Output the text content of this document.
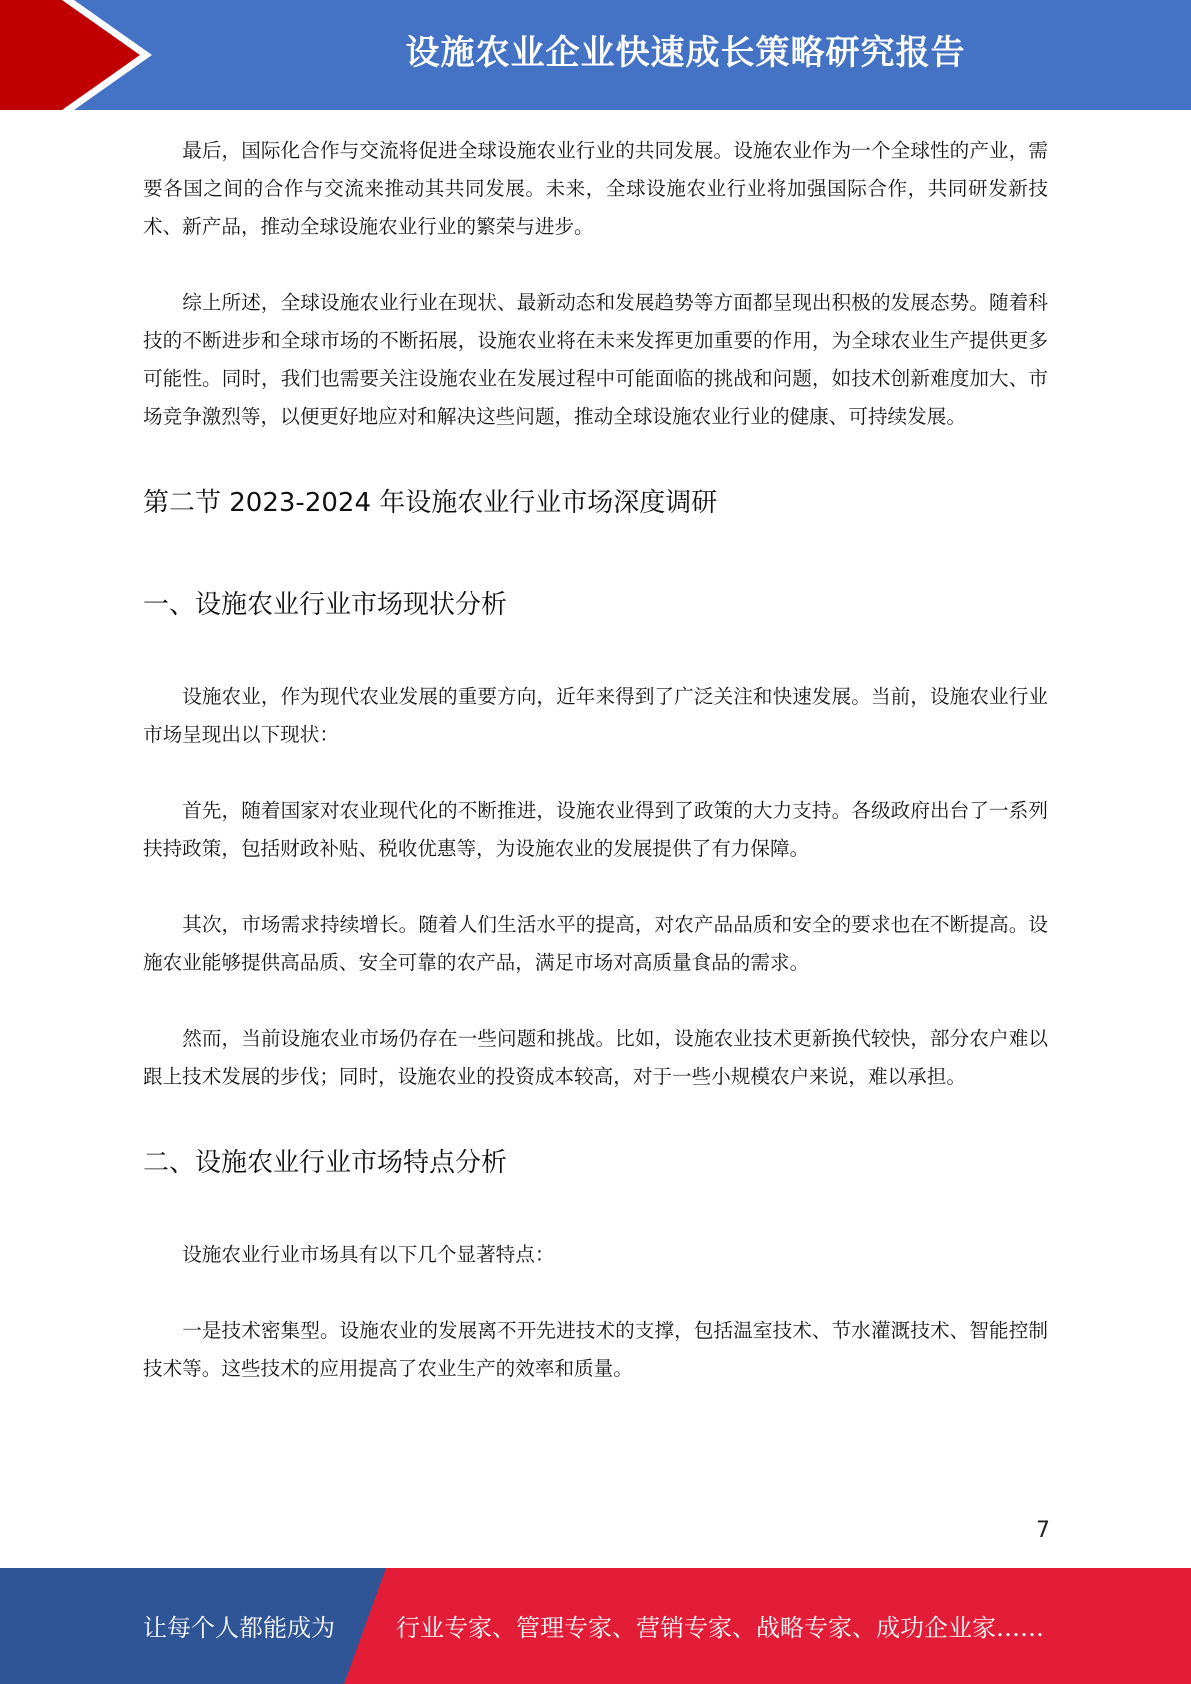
设施农业企业快速成长策略研究报告

最后，国际化合作与交流将促进全球设施农业行业的共同发展。设施农业作为一个全球性的产业，需要各国之间的合作与交流来推动其共同发展。未来，全球设施农业行业将加强国际合作，共同研发新技术、新产品，推动全球设施农业行业的繁荣与进步。

综上所述，全球设施农业行业在现状、最新动态和发展趋势等方面都呈现出积极的发展态势。随着科技的不断进步和全球市场的不断拓展，设施农业将在未来发挥更加重要的作用，为全球农业生产提供更多可能性。同时，我们也需要关注设施农业在发展过程中可能面临的挑战和问题，如技术创新难度加大、市场竞争激烈等，以便更好地应对和解决这些问题，推动全球设施农业行业的健康、可持续发展。

第二节 2023-2024 年设施农业行业市场深度调研
一、设施农业行业市场现状分析

设施农业，作为现代农业发展的重要方向，近年来得到了广泛关注和快速发展。当前，设施农业行业市场呈现出以下现状：

首先，随着国家对农业现代化的不断推进，设施农业得到了政策的大力支持。各级政府出台了一系列扶持政策，包括财政补贴、税收优惠等，为设施农业的发展提供了有力保障。

其次，市场需求持续增长。随着人们生活水平的提高，对农产品品质和安全的要求也在不断提高。设施农业能够提供高品质、安全可靠的农产品，满足市场对高质量食品的需求。

然而，当前设施农业市场仍存在一些问题和挑战。比如，设施农业技术更新换代较快，部分农户难以跟上技术发展的步伐；同时，设施农业的投资成本较高，对于一些小规模农户来说，难以承担。

二、设施农业行业市场特点分析

设施农业行业市场具有以下几个显著特点：

一是技术密集型。设施农业的发展离不开先进技术的支撑，包括温室技术、节水灌溉技术、智能控制技术等。这些技术的应用提高了农业生产的效率和质量。

7
让每个人都能成为	行业专家、管理专家、营销专家、战略专家、成功企业家……
